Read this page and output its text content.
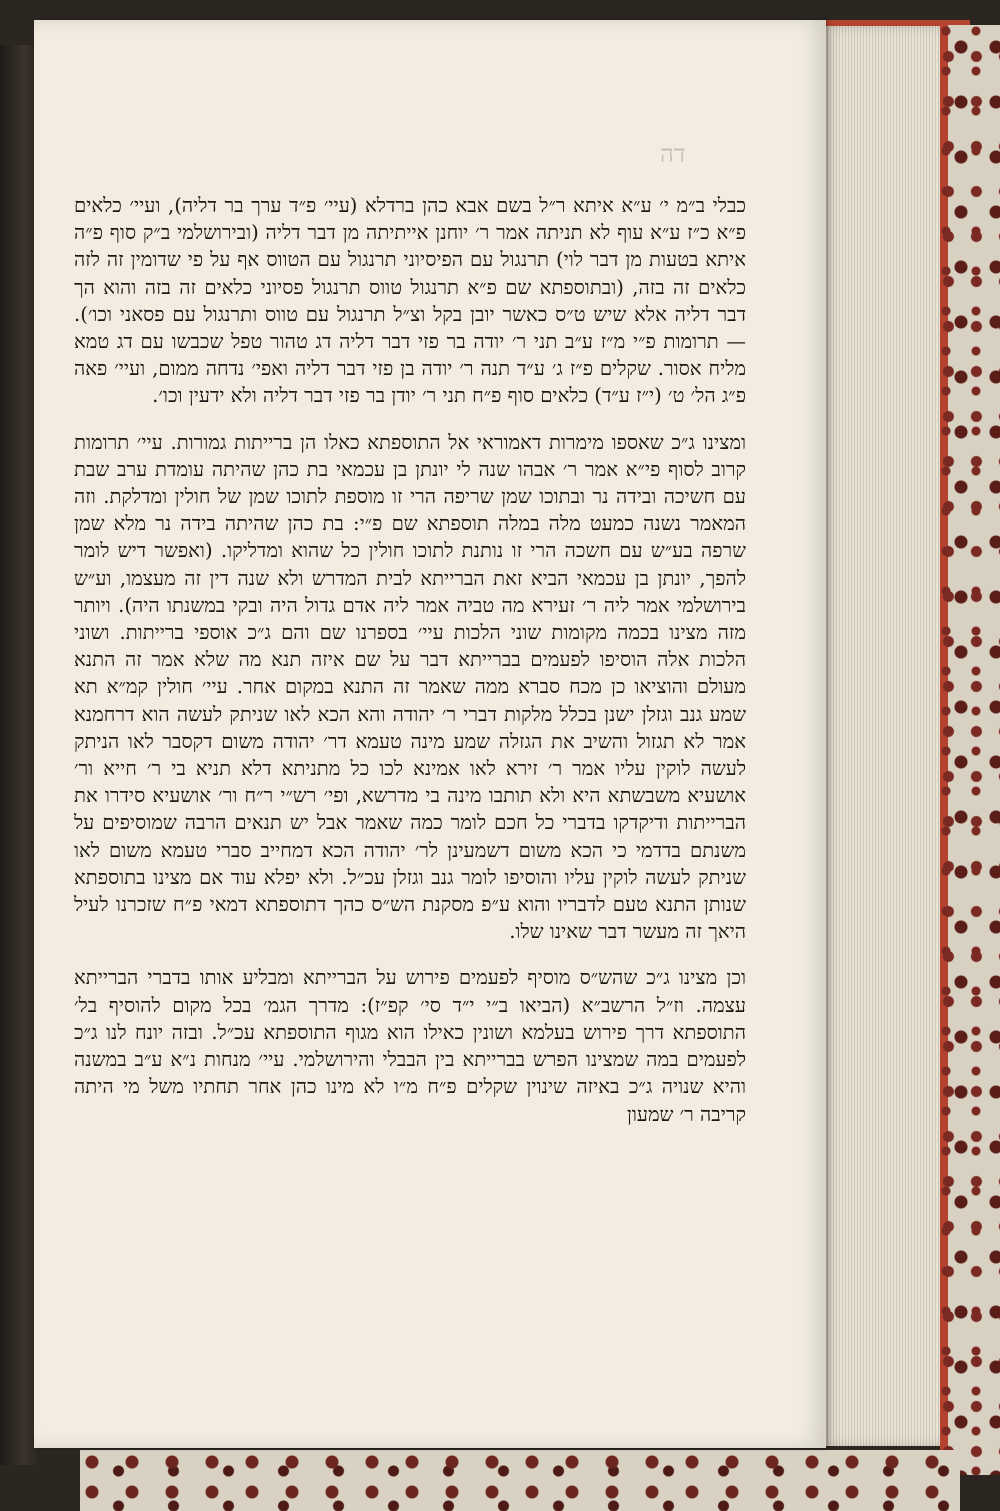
דה

כבלי ב״מ י׳ ע״א איתא ר״ל בשם אבא כהן ברדלא (עיי׳ פ״ד ערך בר דליה), ועיי׳ כלאים פ״א כ״ז ע״א עוף לא תניתה אמר ר׳ יוחנן אייתיתה מן דבר דליה (ובירושלמי ב״ק סוף פ״ה איתא בטעות מן דבר לוי) תרנגול עם הפיסיוני תרנגול עם הטווס אף על פי שדומין זה לזה כלאים זה בזה, (ובתוספתא שם פ״א תרנגול טווס תרנגול פסיוני כלאים זה בזה והוא הך דבר דליה אלא שיש ט״ס כאשר יובן בקל וצ״ל תרנגול עם טווס ותרנגול עם פסאני וכו׳). — תרומות פ״י מ״ז ע״ב תני ר׳ יודה בר פזי דבר דליה דג טהור טפל שכבשו עם דג טמא מליח אסור. שקלים פ״ז ג׳ ע״ד תנה ר׳ יודה בן פזי דבר דליה ואפי׳ נדחה ממום, ועיי׳ פאה פ״ג הל׳ ט׳ (י״ז ע״ד) כלאים סוף פ״ח תני ר׳ יודן בר פזי דבר דליה ולא ידעין וכו׳.

ומצינו ג״כ שאספו מימרות דאמוראי אל התוספתא כאלו הן ברייתות גמורות. עיי׳ תרומות קרוב לסוף פי״א אמר ר׳ אבהו שנה לי יונתן בן עכמאי בת כהן שהיתה עומדת ערב שבת עם חשיכה ובידה נר ובתוכו שמן שריפה הרי זו מוספת לתוכו שמן של חולין ומדלקת. וזה המאמר נשנה כמעט מלה במלה תוספתא שם פ״י: בת כהן שהיתה בידה נר מלא שמן שרפה בע״ש עם חשכה הרי זו נותנת לתוכו חולין כל שהוא ומדליקו. (ואפשר דיש לומר להפך, יונתן בן עכמאי הביא זאת הברייתא לבית המדרש ולא שנה דין זה מעצמו, וע״ש בירושלמי אמר ליה ר׳ זעירא מה טביה אמר ליה אדם גדול היה ובקי במשנתו היה). ויותר מזה מצינו בכמה מקומות שוני הלכות עיי׳ בספרנו שם והם ג״כ אוספי ברייתות. ושוני הלכות אלה הוסיפו לפעמים בברייתא דבר על שם איזה תנא מה שלא אמר זה התנא מעולם והוציאו כן מכח סברא ממה שאמר זה התנא במקום אחר. עיי׳ חולין קמ״א תא שמע גנב וגזלן ישנן בכלל מלקות דברי ר׳ יהודה והא הכא לאו שניתק לעשה הוא דרחמנא אמר לא תגזול והשיב את הגזלה שמע מינה טעמא דר׳ יהודה משום דקסבר לאו הניתק לעשה לוקין עליו אמר ר׳ זירא לאו אמינא לכו כל מתניתא דלא תניא בי ר׳ חייא ור׳ אושעיא משבשתא היא ולא תותבו מינה בי מדרשא, ופי׳ רש״י ר״ח ור׳ אושעיא סידרו את הברייתות ודיקדקו בדברי כל חכם לומר כמה שאמר אבל יש תנאים הרבה שמוסיפים על משנתם בדדמי כי הכא משום דשמעינן לר׳ יהודה הכא דמחייב סברי טעמא משום לאו שניתק לעשה לוקין עליו והוסיפו לומר גנב וגזלן עכ״ל. ולא יפלא עוד אם מצינו בתוספתא שנותן התנא טעם לדבריו והוא ע״פ מסקנת הש״ס כהך דתוספתא דמאי פ״ח שזכרנו לעיל היאך זה מעשר דבר שאינו שלו.

וכן מצינו ג״כ שהש״ס מוסיף לפעמים פירוש על הברייתא ומבליע אותו בדברי הברייתא עצמה. וז״ל הרשב״א (הביאו ב״י י״ד סי׳ קפ״ז): מדרך הגמ׳ בכל מקום להוסיף בל׳ התוספתא דרך פירוש בעלמא ושונין כאילו הוא מגוף התוספתא עכ״ל. ובזה יונח לנו ג״כ לפעמים במה שמצינו הפרש בברייתא בין הבבלי והירושלמי. עיי׳ מנחות נ״א ע״ב במשנה והיא שנויה ג״כ באיזה שינוין שקלים פ״ח מ״ו לא מינו כהן אחר תחתיו משל מי היתה קריבה ר׳ שמעון
